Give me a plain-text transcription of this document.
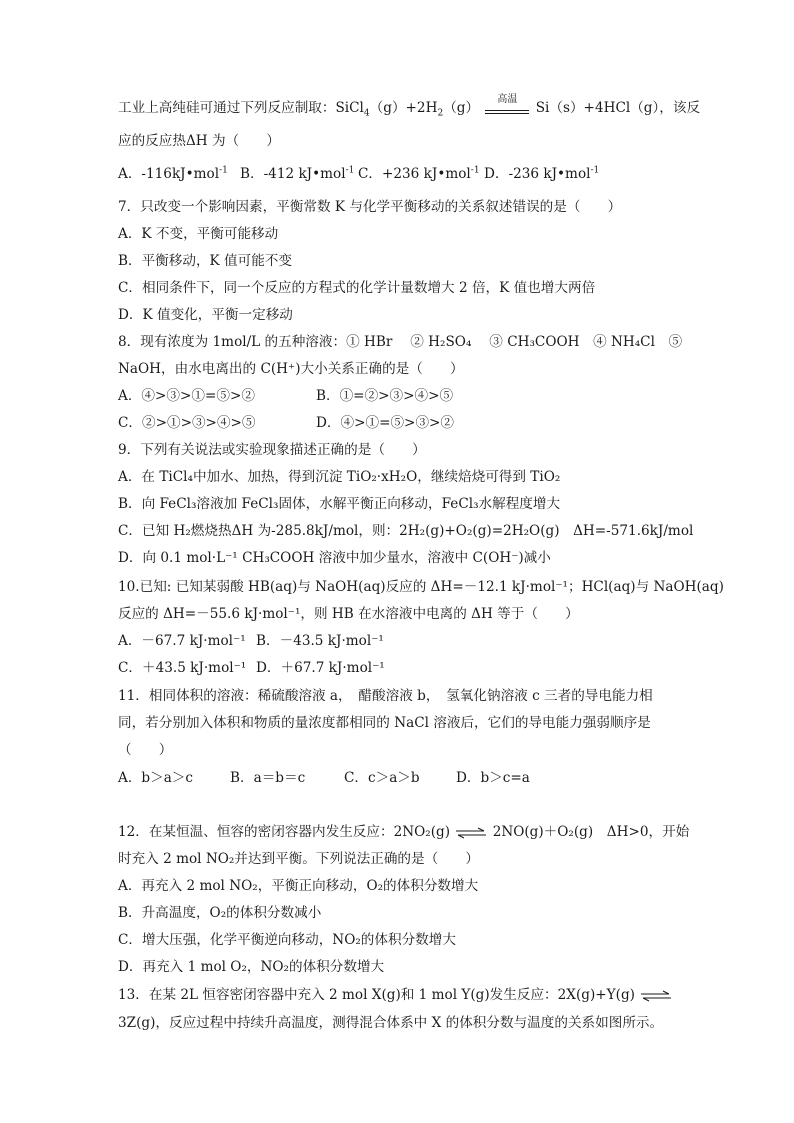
工业上高纯硅可通过下列反应制取：$SiCl_4(g)+2H_2(g)$
高温
Si（s）+4HCl（g），该反
应的反应热ΔH 为（　　）
A．-116kJ•mol$^{-1}$ B．-412 kJ•mol$^{-1}$ C．+236 kJ•mol$^{-1}$ D．-236 kJ•mol$^{-1}$
7．只改变一个影响因素，平衡常数 K 与化学平衡移动的关系叙述错误的是（　　）
A．K 不变，平衡可能移动
B．平衡移动，K 值可能不变
C．相同条件下，同一个反应的方程式的化学计量数增大 2 倍，K 值也增大两倍
D．K 值变化，平衡一定移动
8．现有浓度为 1mol/L 的五种溶液：① HBr　 ② H₂SO₄　 ③ CH₃COOH　④ NH₄Cl　⑤
NaOH，由水电离出的 C(H⁺)大小关系正确的是（　　）
A．④>③>①=⑤>②	B．①=②>③>④>⑤
C．②>①>③>④>⑤	D．④>①=⑤>③>②
9．下列有关说法或实验现象描述正确的是（　　）
A．在 TiCl₄中加水、加热，得到沉淀 TiO₂·xH₂O，继续焙烧可得到 TiO₂
B．向 FeCl₃溶液加 FeCl₃固体，水解平衡正向移动，FeCl₃水解程度增大
C．已知 H₂燃烧热ΔH 为-285.8kJ/mol，则：2H₂(g)+O₂(g)=2H₂O(g)　ΔH=-571.6kJ/mol
D．向 0.1 mol·L⁻¹ CH₃COOH 溶液中加少量水，溶液中 C(OH⁻)减小
10.已知: 已知某弱酸 HB(aq)与 NaOH(aq)反应的 ΔH=－12.1 kJ·mol⁻¹；HCl(aq)与 NaOH(aq)
反应的 ΔH=－55.6 kJ·mol⁻¹，则 HB 在水溶液中电离的 ΔH 等于（　　）
A．－67.7 kJ·mol⁻¹ B．－43.5 kJ·mol⁻¹
C．＋43.5 kJ·mol⁻¹ D．＋67.7 kJ·mol⁻¹
11．相同体积的溶液：稀硫酸溶液 a，　醋酸溶液 b，　氢氧化钠溶液 c 三者的导电能力相
同，若分别加入体积和物质的量浓度都相同的 NaCl 溶液后，它们的导电能力强弱顺序是
（　　）
A．b＞a＞c	B．a＝b＝c	C．c＞a＞b	D．b＞c=a
12．在某恒温、恒容的密闭容器内发生反应：2NO₂(g) ⇌ 2NO(g)＋O₂(g)　ΔH>0，开始
时充入 2 mol NO₂并达到平衡。下列说法正确的是（　　）
A．再充入 2 mol NO₂，平衡正向移动，O₂的体积分数增大
B．升高温度，O₂的体积分数减小
C．增大压强，化学平衡逆向移动，NO₂的体积分数增大
D．再充入 1 mol O₂，NO₂的体积分数增大
13．在某 2L 恒容密闭容器中充入 2 mol X(g)和 1 mol Y(g)发生反应：2X(g)+Y(g) ⇌
3Z(g)，反应过程中持续升高温度，测得混合体系中 X 的体积分数与温度的关系如图所示。
